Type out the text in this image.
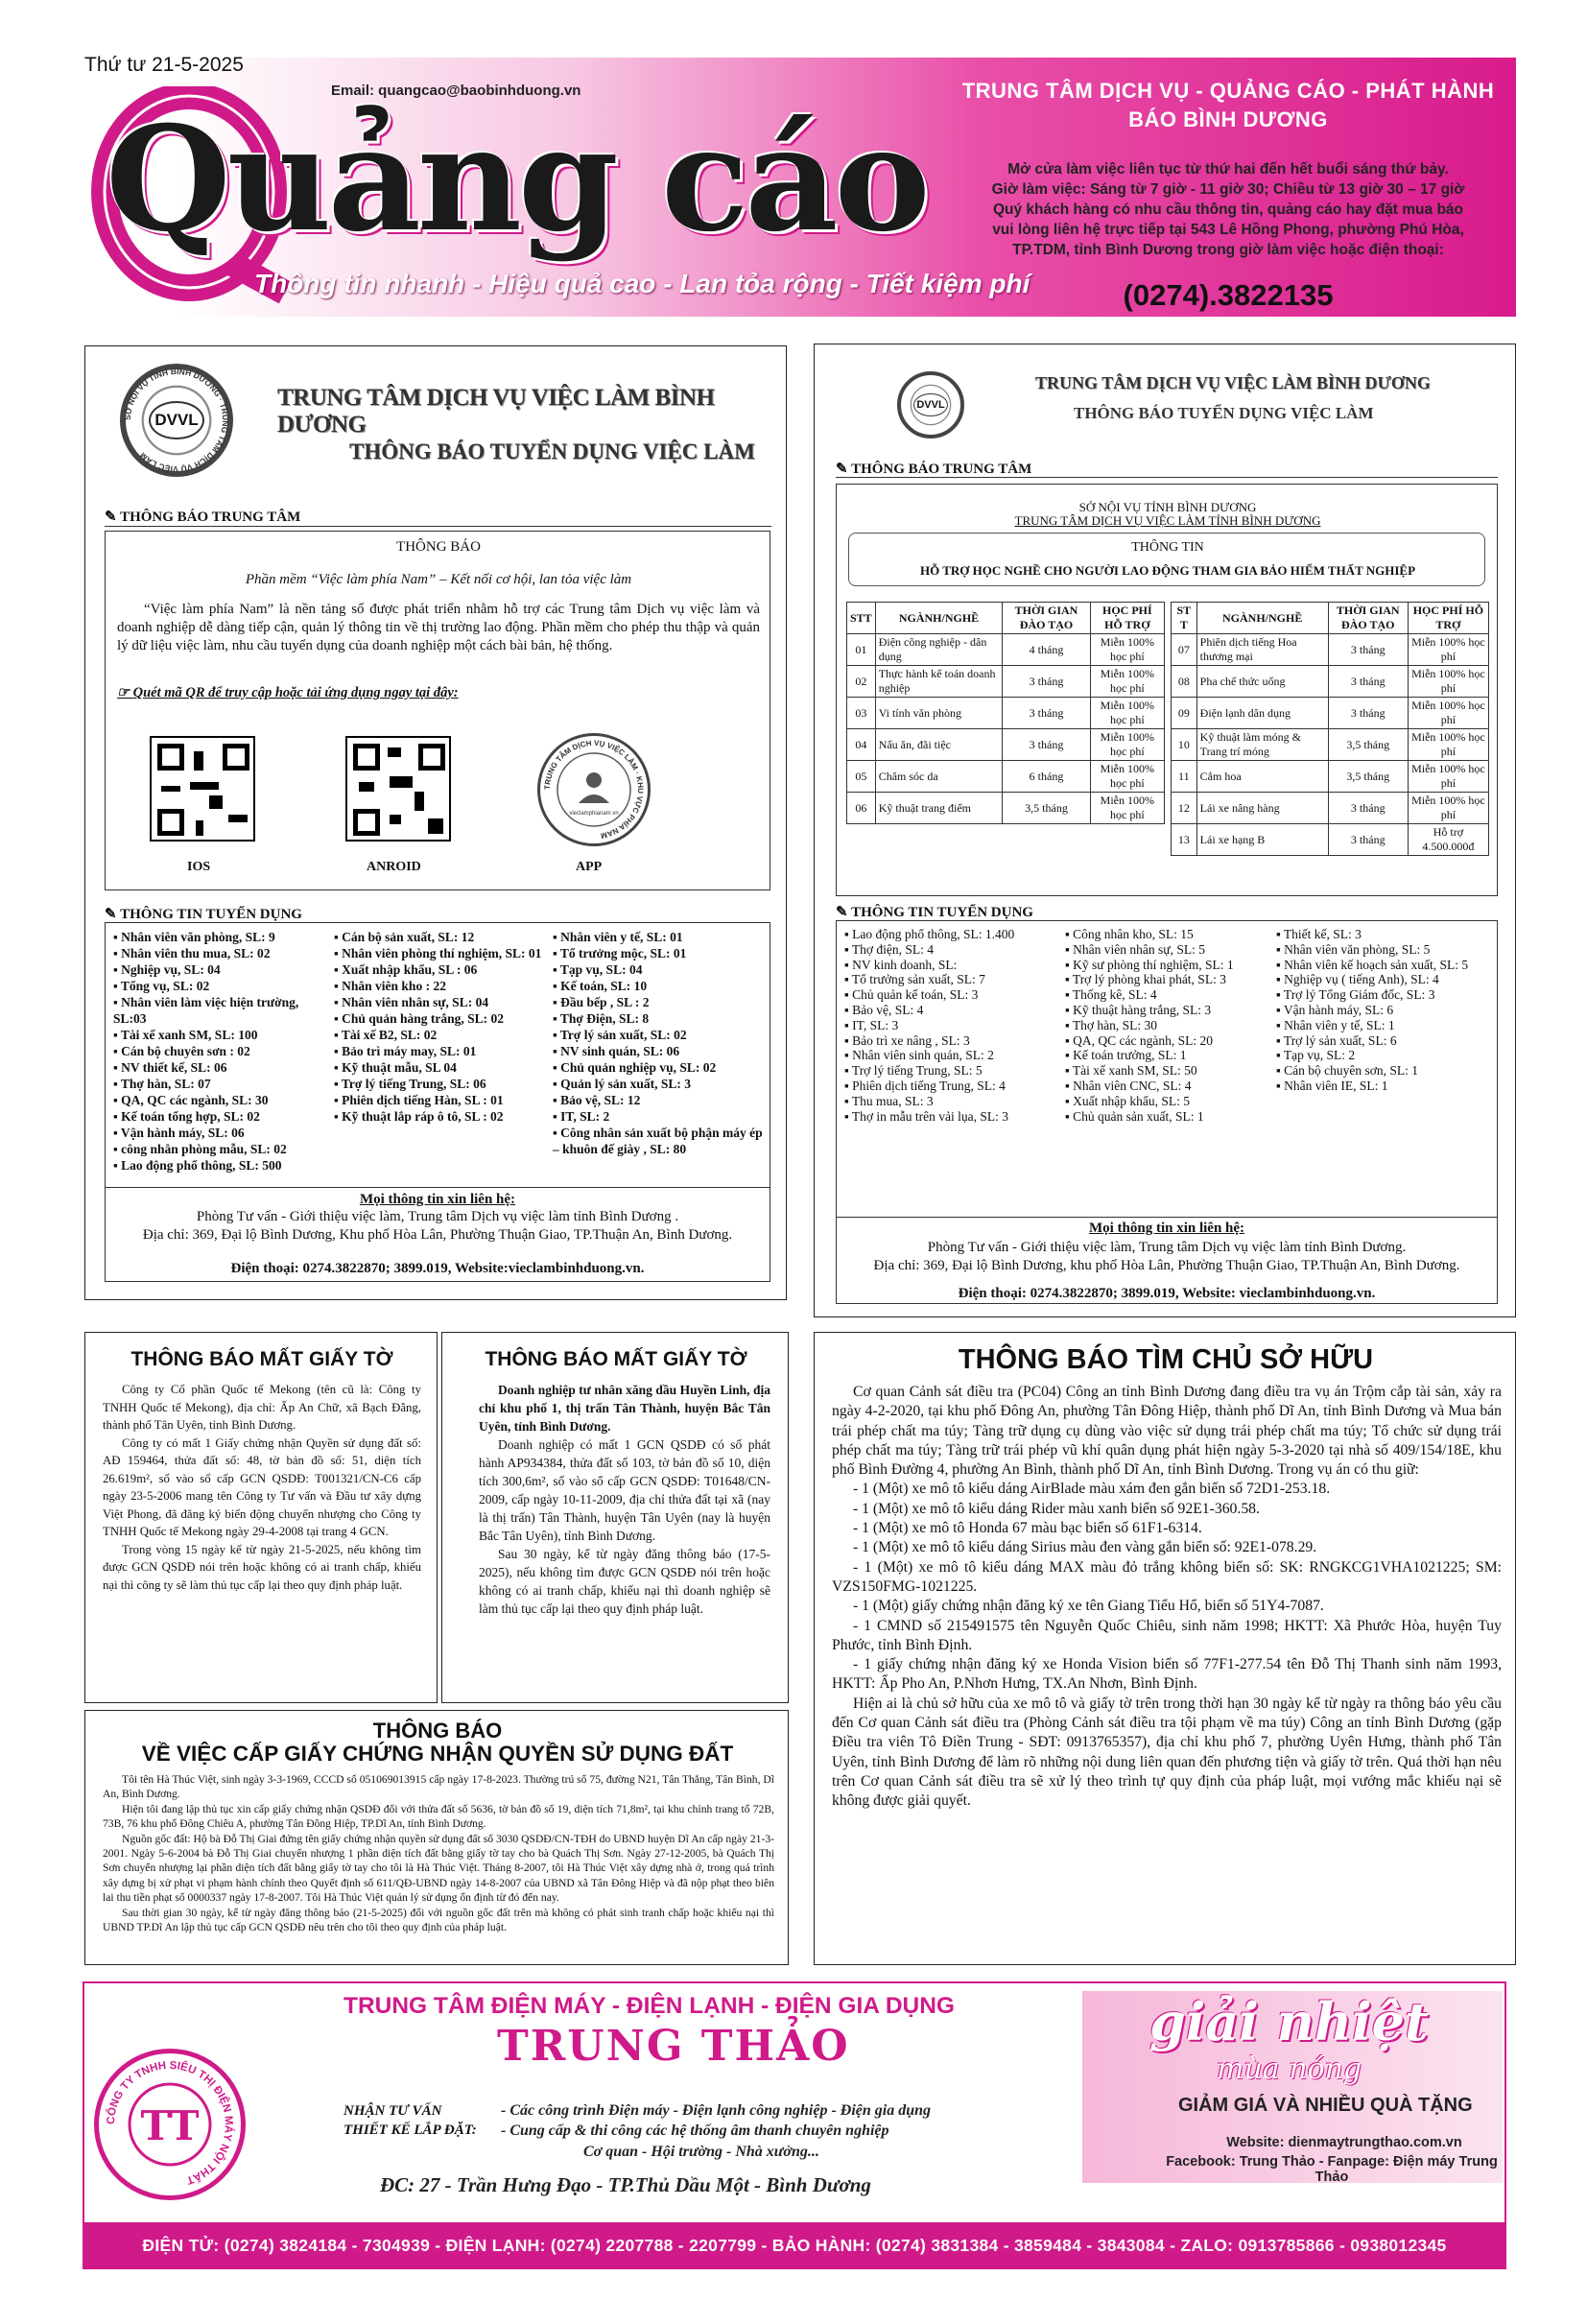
Thứ tư 21-5-2025
Email: quangcao@baobinhduong.vn
Quảng cáo
Thông tin nhanh - Hiệu quả cao - Lan tỏa rộng - Tiết kiệm phí
TRUNG TÂM DỊCH VỤ - QUẢNG CÁO - PHÁT HÀNH
BÁO BÌNH DƯƠNG
Mở cửa làm việc liên tục từ thứ hai đến hết buổi sáng thứ bảy.
Giờ làm việc: Sáng từ 7 giờ - 11 giờ 30; Chiều từ 13 giờ 30 – 17 giờ
Quý khách hàng có nhu cầu thông tin, quảng cáo hay đặt mua báo
vui lòng liên hệ trực tiếp tại 543 Lê Hồng Phong, phường Phú Hòa,
TP.TDM, tỉnh Bình Dương trong giờ làm việc hoặc điện thoại:
(0274).3822135
SỞ NỘI VỤ TỈNH BÌNH DƯƠNG · TRUNG TÂM DỊCH VỤ VIỆC LÀM
DVVL
TRUNG TÂM DỊCH VỤ VIỆC LÀM BÌNH DƯƠNG
THÔNG BÁO TUYỂN DỤNG VIỆC LÀM
✎ THÔNG BÁO TRUNG TÂM
THÔNG BÁO
Phần mềm “Việc làm phía Nam” – Kết nối cơ hội, lan tỏa việc làm
“Việc làm phía Nam” là nền tảng số được phát triển nhằm hỗ trợ các Trung tâm Dịch vụ việc làm và doanh nghiệp dễ dàng tiếp cận, quản lý thông tin về thị trường lao động. Phần mềm cho phép thu thập và quản lý dữ liệu việc làm, nhu cầu tuyển dụng của doanh nghiệp một cách bài bản, hệ thống.
☞ Quét mã QR để truy cập hoặc tải ứng dụng ngay tại đây:
TRUNG TÂM DỊCH VỤ VIỆC LÀM · KHU VỰC PHÍA NAM
vieclamphianam.vn
IOS	ANROID	APP
✎ THÔNG TIN TUYỂN DỤNG
▪ Nhân viên văn phòng, SL: 9
▪ Nhân viên thu mua, SL: 02
▪ Nghiệp vụ, SL: 04
▪ Tổng vụ, SL: 02
▪ Nhân viên làm việc hiện trường, SL:03
▪ Tài xế xanh SM, SL: 100
▪ Cán bộ chuyên sơn : 02
▪ NV thiết kế, SL: 06
▪ Thợ hàn, SL: 07
▪ QA, QC các ngành, SL: 30
▪ Kế toán tổng hợp, SL: 02
▪ Vận hành máy, SL: 06
▪ công nhân phòng mẫu, SL: 02
▪ Lao động phổ thông, SL: 500
▪ Cán bộ sản xuất, SL: 12
▪ Nhân viên phòng thí nghiệm, SL: 01
▪ Xuất nhập khẩu, SL : 06
▪ Nhân viên kho : 22
▪ Nhân viên nhân sự, SL: 04
▪ Chủ quản hàng trắng, SL: 02
▪ Tài xế B2, SL: 02
▪ Bảo trì máy may, SL: 01
▪ Kỹ thuật mẫu, SL 04
▪ Trợ lý tiếng Trung, SL: 06
▪ Phiên dịch tiếng Hàn, SL : 01
▪ Kỹ thuật lắp ráp ô tô, SL : 02
▪ Nhân viên y tế, SL: 01
▪ Tổ trưởng mộc, SL: 01
▪ Tạp vụ, SL: 04
▪ Kế toán, SL: 10
▪ Đầu bếp , SL : 2
▪ Thợ Điện, SL: 8
▪ Trợ lý sản xuất, SL: 02
▪ NV sinh quán, SL: 06
▪ Chủ quản nghiệp vụ, SL: 02
▪ Quản lý sản xuất, SL: 3
▪ Bảo vệ, SL: 12
▪ IT, SL: 2
▪ Công nhân sản xuất bộ phận máy ép – khuôn đế giày , SL: 80
Mọi thông tin xin liên hệ:
Phòng Tư vấn - Giới thiệu việc làm, Trung tâm Dịch vụ việc làm tỉnh Bình Dương .
Địa chỉ: 369, Đại lộ Bình Dương, Khu phố Hòa Lân, Phường Thuận Giao, TP.Thuận An, Bình Dương.
Điện thoại: 0274.3822870; 3899.019, Website:vieclambinhduong.vn.
DVVL
TRUNG TÂM DỊCH VỤ VIỆC LÀM BÌNH DƯƠNG
THÔNG BÁO TUYỂN DỤNG VIỆC LÀM
✎ THÔNG BÁO TRUNG TÂM
SỞ NỘI VỤ TỈNH BÌNH DƯƠNG
TRUNG TÂM DỊCH VỤ VIỆC LÀM TỈNH BÌNH DƯƠNG
THÔNG TIN
HỖ TRỢ HỌC NGHỀ CHO NGƯỜI LAO ĐỘNG THAM GIA BẢO HIỂM THẤT NGHIỆP
STT	NGÀNH/NGHỀ	THỜI GIAN ĐÀO TẠO	HỌC PHÍ HỖ TRỢ
01	Điện công nghiệp - dân dụng	4 tháng	Miễn 100% học phí
02	Thực hành kế toán doanh nghiệp	3 tháng	Miễn 100% học phí
03	Vi tính văn phòng	3 tháng	Miễn 100% học phí
04	Nấu ăn, đãi tiệc	3 tháng	Miễn 100% học phí
05	Chăm sóc da	6 tháng	Miễn 100% học phí
06	Kỹ thuật trang điểm	3,5 tháng	Miễn 100% học phí
ST T	NGÀNH/NGHỀ	THỜI GIAN ĐÀO TẠO	HỌC PHÍ HỖ TRỢ
07	Phiên dịch tiếng Hoa thương mại	3 tháng	Miễn 100% học phí
08	Pha chế thức uống	3 tháng	Miễn 100% học phí
09	Điện lạnh dân dụng	3 tháng	Miễn 100% học phí
10	Kỹ thuật làm móng & Trang trí móng	3,5 tháng	Miễn 100% học phí
11	Cắm hoa	3,5 tháng	Miễn 100% học phí
12	Lái xe nâng hàng	3 tháng	Miễn 100% học phí
13	Lái xe hạng B	3 tháng	Hỗ trợ 4.500.000đ
✎ THÔNG TIN TUYỂN DỤNG
▪ Lao động phổ thông, SL: 1.400
▪ Thợ điện, SL: 4
▪ NV kinh doanh, SL:
▪ Tổ trưởng sản xuất, SL: 7
▪ Chủ quản kế toán, SL: 3
▪ Bảo vệ, SL: 4
▪ IT, SL: 3
▪ Bảo trì xe nâng , SL: 3
▪ Nhân viên sinh quán, SL: 2
▪ Trợ lý tiếng Trung, SL: 5
▪ Phiên dịch tiếng Trung, SL: 4
▪ Thu mua, SL: 3
▪ Thợ in mẫu trên vải lụa, SL: 3
▪ Công nhân kho, SL: 15
▪ Nhân viên nhân sự, SL: 5
▪ Kỹ sư phòng thí nghiệm, SL: 1
▪ Trợ lý phòng khai phát, SL: 3
▪ Thống kê, SL: 4
▪ Kỹ thuật hàng trắng, SL: 3
▪ Thợ hàn, SL: 30
▪ QA, QC các ngành, SL: 20
▪ Kế toán trưởng, SL: 1
▪ Tài xế xanh SM, SL: 50
▪ Nhân viên CNC, SL: 4
▪ Xuất nhập khẩu, SL: 5
▪ Chủ quản sản xuất, SL: 1
▪ Thiết kế, SL: 3
▪ Nhân viên văn phòng, SL: 5
▪ Nhân viên kế hoạch sản xuất, SL: 5
▪ Nghiệp vụ ( tiếng Anh), SL: 4
▪ Trợ lý Tổng Giám đốc, SL: 3
▪ Vận hành máy, SL: 6
▪ Nhân viên y tế, SL: 1
▪ Trợ lý sản xuất, SL: 6
▪ Tạp vụ, SL: 2
▪ Cán bộ chuyên sơn, SL: 1
▪ Nhân viên IE, SL: 1
Mọi thông tin xin liên hệ:
Phòng Tư vấn - Giới thiệu việc làm, Trung tâm Dịch vụ việc làm tỉnh Bình Dương.
Địa chỉ: 369, Đại lộ Bình Dương, khu phố Hòa Lân, Phường Thuận Giao, TP.Thuận An, Bình Dương.
Điện thoại: 0274.3822870; 3899.019, Website: vieclambinhduong.vn.
THÔNG BÁO MẤT GIẤY TỜ

Công ty Cổ phần Quốc tế Mekong (tên cũ là: Công ty TNHH Quốc tế Mekong), địa chỉ: Ấp An Chữ, xã Bạch Đằng, thành phố Tân Uyên, tỉnh Bình Dương.

Công ty có mất 1 Giấy chứng nhận Quyền sử dụng đất số: AĐ 159464, thửa đất số: 48, tờ bản đồ số: 51, diện tích 26.619m², số vào sổ cấp GCN QSDĐ: T001321/CN-C6 cấp ngày 23-5-2006 mang tên Công ty Tư vấn và Đầu tư xây dựng Việt Phong, đã đăng ký biến động chuyển nhượng cho Công ty TNHH Quốc tế Mekong ngày 29-4-2008 tại trang 4 GCN.

Trong vòng 15 ngày kể từ ngày 21-5-2025, nếu không tìm được GCN QSDĐ nói trên hoặc không có ai tranh chấp, khiếu nại thì công ty sẽ làm thủ tục cấp lại theo quy định pháp luật.

THÔNG BÁO MẤT GIẤY TỜ

Doanh nghiệp tư nhân xăng dầu Huyền Linh, địa chỉ khu phố 1, thị trấn Tân Thành, huyện Bắc Tân Uyên, tỉnh Bình Dương.

Doanh nghiệp có mất 1 GCN QSDĐ có số phát hành AP934384, thửa đất số 103, tờ bản đồ số 10, diện tích 300,6m², số vào sổ cấp GCN QSDĐ: T01648/CN-2009, cấp ngày 10-11-2009, địa chỉ thửa đất tại xã (nay là thị trấn) Tân Thành, huyện Tân Uyên (nay là huyện Bắc Tân Uyên), tỉnh Bình Dương.

Sau 30 ngày, kể từ ngày đăng thông báo (17-5-2025), nếu không tìm được GCN QSDĐ nói trên hoặc không có ai tranh chấp, khiếu nại thì doanh nghiệp sẽ làm thủ tục cấp lại theo quy định pháp luật.

THÔNG BÁO
VỀ VIỆC CẤP GIẤY CHỨNG NHẬN QUYỀN SỬ DỤNG ĐẤT

Tôi tên Hà Thúc Việt, sinh ngày 3-3-1969, CCCD số 051069013915 cấp ngày 17-8-2023. Thường trú số 75, đường N21, Tân Thắng, Tân Bình, Dĩ An, Bình Dương.

Hiện tôi đang lập thủ tục xin cấp giấy chứng nhận QSDĐ đối với thửa đất số 5636, tờ bản đồ số 19, diện tích 71,8m², tại khu chỉnh trang tổ 72B, 73B, 76 khu phố Đông Chiêu A, phường Tân Đông Hiệp, TP.Dĩ An, tỉnh Bình Dương.

Nguồn gốc đất: Hộ bà Đỗ Thị Giai đứng tên giấy chứng nhận quyền sử dụng đất số 3030 QSDĐ/CN-TĐH do UBND huyện Dĩ An cấp ngày 21-3-2001. Ngày 5-6-2004 bà Đỗ Thị Giai chuyển nhượng 1 phần diện tích đất bằng giấy tờ tay cho bà Quách Thị Sơn. Ngày 27-12-2005, bà Quách Thị Sơn chuyển nhượng lại phần diện tích đất bằng giấy tờ tay cho tôi là Hà Thúc Việt. Tháng 8-2007, tôi Hà Thúc Việt xây dựng nhà ở, trong quá trình xây dựng bị xử phạt vi phạm hành chính theo Quyết định số 611/QĐ-UBND ngày 14-8-2007 của UBND xã Tân Đông Hiệp và đã nộp phạt theo biên lai thu tiền phạt số 0000337 ngày 17-8-2007. Tôi Hà Thúc Việt quản lý sử dụng ổn định từ đó đến nay.

Sau thời gian 30 ngày, kể từ ngày đăng thông báo (21-5-2025) đối với nguồn gốc đất trên mà không có phát sinh tranh chấp hoặc khiếu nại thì UBND TP.Dĩ An lập thủ tục cấp GCN QSDĐ nêu trên cho tôi theo quy định của pháp luật.

THÔNG BÁO TÌM CHỦ SỞ HỮU

Cơ quan Cảnh sát điều tra (PC04) Công an tỉnh Bình Dương đang điều tra vụ án Trộm cắp tài sản, xảy ra ngày 4-2-2020, tại khu phố Đông An, phường Tân Đông Hiệp, thành phố Dĩ An, tỉnh Bình Dương và Mua bán trái phép chất ma túy; Tàng trữ dụng cụ dùng vào việc sử dụng trái phép chất ma túy; Tổ chức sử dụng trái phép chất ma túy; Tàng trữ trái phép vũ khí quân dụng phát hiện ngày 5-3-2020 tại nhà số 409/154/18E, khu phố Bình Đường 4, phường An Bình, thành phố Dĩ An, tỉnh Bình Dương. Trong vụ án có thu giữ:

- 1 (Một) xe mô tô kiểu dáng AirBlade màu xám đen gắn biển số 72D1-253.18.

- 1 (Một) xe mô tô kiểu dáng Rider màu xanh biển số 92E1-360.58.

- 1 (Một) xe mô tô Honda 67 màu bạc biển số 61F1-6314.

- 1 (Một) xe mô tô kiểu dáng Sirius màu đen vàng gắn biển số: 92E1-078.29.

- 1 (Một) xe mô tô kiểu dáng MAX màu đỏ trắng không biển số: SK: RNGKCG1VHA1021225; SM: VZS150FMG-1021225.

- 1 (Một) giấy chứng nhận đăng ký xe tên Giang Tiểu Hổ, biển số 51Y4-7087.

- 1 CMND số 215491575 tên Nguyễn Quốc Chiêu, sinh năm 1998; HKTT: Xã Phước Hòa, huyện Tuy Phước, tỉnh Bình Định.

- 1 giấy chứng nhận đăng ký xe Honda Vision biển số 77F1-277.54 tên Đỗ Thị Thanh sinh năm 1993, HKTT: Ấp Pho An, P.Nhơn Hưng, TX.An Nhơn, Bình Định.

Hiện ai là chủ sở hữu của xe mô tô và giấy tờ trên trong thời hạn 30 ngày kể từ ngày ra thông báo yêu cầu đến Cơ quan Cảnh sát điều tra (Phòng Cảnh sát điều tra tội phạm về ma túy) Công an tỉnh Bình Dương (gặp Điều tra viên Tô Điền Trung - SĐT: 0913765357), địa chỉ khu phố 7, phường Uyên Hưng, thành phố Tân Uyên, tỉnh Bình Dương để làm rõ những nội dung liên quan đến phương tiện và giấy tờ trên. Quá thời hạn nêu trên Cơ quan Cảnh sát điều tra sẽ xử lý theo trình tự quy định của pháp luật, mọi vướng mắc khiếu nại sẽ không được giải quyết.

TRUNG TÂM ĐIỆN MÁY - ĐIỆN LẠNH - ĐIỆN GIA DỤNG
TRUNG THẢO
CÔNG TY TNHH SIÊU THỊ ĐIỆN MÁY NỘI THẤT
TT	NHẬN TƯ VẤN
THIẾT KẾ LẮP ĐẶT:
- Các công trình Điện máy - Điện lạnh công nghiệp - Điện gia dụng
- Cung cấp & thi công các hệ thống âm thanh chuyên nghiệp
Cơ quan - Hội trường - Nhà xưởng...
ĐC: 27 - Trần Hưng Đạo - TP.Thủ Dầu Một - Bình Dương
giải nhiệt
mùa nóng
GIẢM GIÁ VÀ NHIỀU QUÀ TẶNG
Website: dienmaytrungthao.com.vn
Facebook: Trung Thảo - Fanpage: Điện máy Trung Thảo
ĐIỆN TỬ: (0274) 3824184 - 7304939 - ĐIỆN LẠNH: (0274) 2207788 - 2207799 - BẢO HÀNH: (0274) 3831384 - 3859484 - 3843084 - ZALO: 0913785866 - 0938012345
